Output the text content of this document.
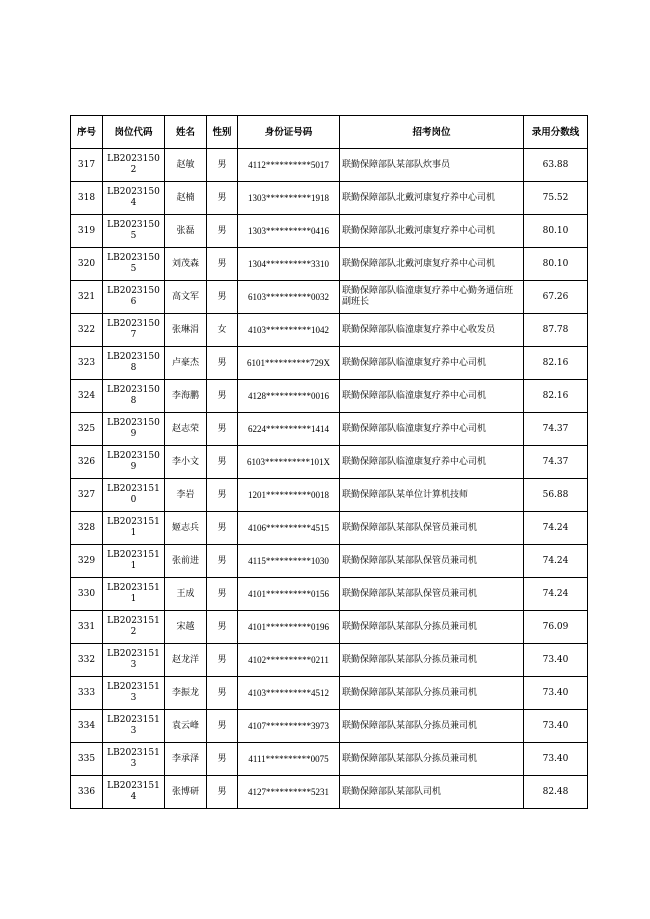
序号	岗位代码	姓名	性别	身份证号码	招考岗位	录用分数线
317	LB20231502	赵敏	男	4112**********5017	联勤保障部队某部队炊事员	63.88
318	LB20231504	赵楠	男	1303**********1918	联勤保障部队北戴河康复疗养中心司机	75.52
319	LB20231505	张磊	男	1303**********0416	联勤保障部队北戴河康复疗养中心司机	80.10
320	LB20231505	刘茂森	男	1304**********3310	联勤保障部队北戴河康复疗养中心司机	80.10
321	LB20231506	高文军	男	6103**********0032	联勤保障部队临潼康复疗养中心勤务通信班副班长	67.26
322	LB20231507	张琳涓	女	4103**********1042	联勤保障部队临潼康复疗养中心收发员	87.78
323	LB20231508	卢豪杰	男	6101**********729X	联勤保障部队临潼康复疗养中心司机	82.16
324	LB20231508	李海鹏	男	4128**********0016	联勤保障部队临潼康复疗养中心司机	82.16
325	LB20231509	赵志荣	男	6224**********1414	联勤保障部队临潼康复疗养中心司机	74.37
326	LB20231509	李小文	男	6103**********101X	联勤保障部队临潼康复疗养中心司机	74.37
327	LB20231510	李岩	男	1201**********0018	联勤保障部队某单位计算机技师	56.88
328	LB20231511	姬志兵	男	4106**********4515	联勤保障部队某部队保管员兼司机	74.24
329	LB20231511	张前进	男	4115**********1030	联勤保障部队某部队保管员兼司机	74.24
330	LB20231511	王成	男	4101**********0156	联勤保障部队某部队保管员兼司机	74.24
331	LB20231512	宋越	男	4101**********0196	联勤保障部队某部队分拣员兼司机	76.09
332	LB20231513	赵龙洋	男	4102**********0211	联勤保障部队某部队分拣员兼司机	73.40
333	LB20231513	李振龙	男	4103**********4512	联勤保障部队某部队分拣员兼司机	73.40
334	LB20231513	袁云峰	男	4107**********3973	联勤保障部队某部队分拣员兼司机	73.40
335	LB20231513	李承泽	男	4111**********0075	联勤保障部队某部队分拣员兼司机	73.40
336	LB20231514	张博研	男	4127**********5231	联勤保障部队某部队司机	82.48
